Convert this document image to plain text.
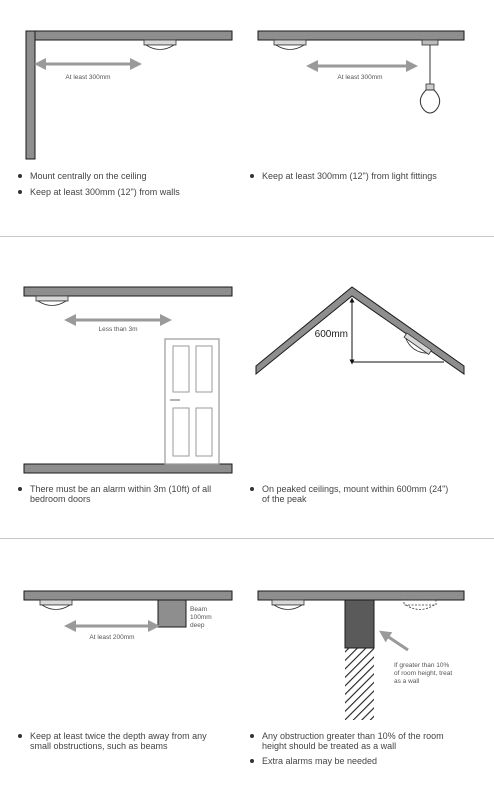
At least 300mm	At least 300mm
Mount centrally on the ceiling
Keep at least 300mm (12") from walls
Keep at least 300mm (12") from light fittings
Less than 3m	600mm
There must be an alarm within 3m (10ft) of all bedroom doors
On peaked ceilings, mount within 600mm (24") of the peak
At least 200mm
Beam
100mm
deep
If greater than 10%
of room height, treat
as a wall
Keep at least twice the depth away from any small obstructions, such as beams
Any obstruction greater than 10% of the room height should be treated as a wall
Extra alarms may be needed
